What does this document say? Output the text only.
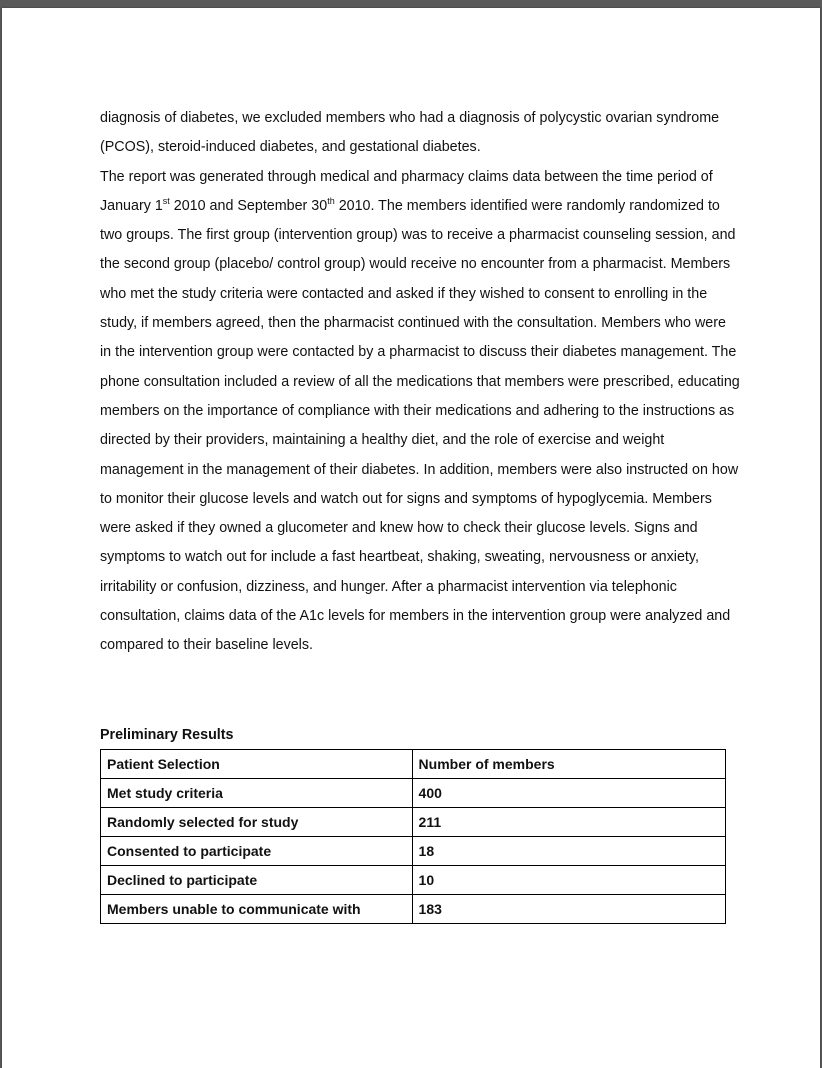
diagnosis of diabetes, we excluded members who had a diagnosis of polycystic ovarian syndrome (PCOS), steroid-induced diabetes, and gestational diabetes.

The report was generated through medical and pharmacy claims data between the time period of January 1st 2010 and September 30th 2010. The members identified were randomly randomized to two groups. The first group (intervention group) was to receive a pharmacist counseling session, and the second group (placebo/ control group) would receive no encounter from a pharmacist. Members who met the study criteria were contacted and asked if they wished to consent to enrolling in the study, if members agreed, then the pharmacist continued with the consultation. Members who were in the intervention group were contacted by a pharmacist to discuss their diabetes management. The phone consultation included a review of all the medications that members were prescribed, educating members on the importance of compliance with their medications and adhering to the instructions as directed by their providers, maintaining a healthy diet, and the role of exercise and weight management in the management of their diabetes. In addition, members were also instructed on how to monitor their glucose levels and watch out for signs and symptoms of hypoglycemia. Members were asked if they owned a glucometer and knew how to check their glucose levels. Signs and symptoms to watch out for include a fast heartbeat, shaking, sweating, nervousness or anxiety, irritability or confusion, dizziness, and hunger. After a pharmacist intervention via telephonic consultation, claims data of the A1c levels for members in the intervention group were analyzed and compared to their baseline levels.

Preliminary Results

Patient Selection	Number of members
Met study criteria	400
Randomly selected for study	211
Consented to participate	18
Declined to participate	10
Members unable to communicate with	183
